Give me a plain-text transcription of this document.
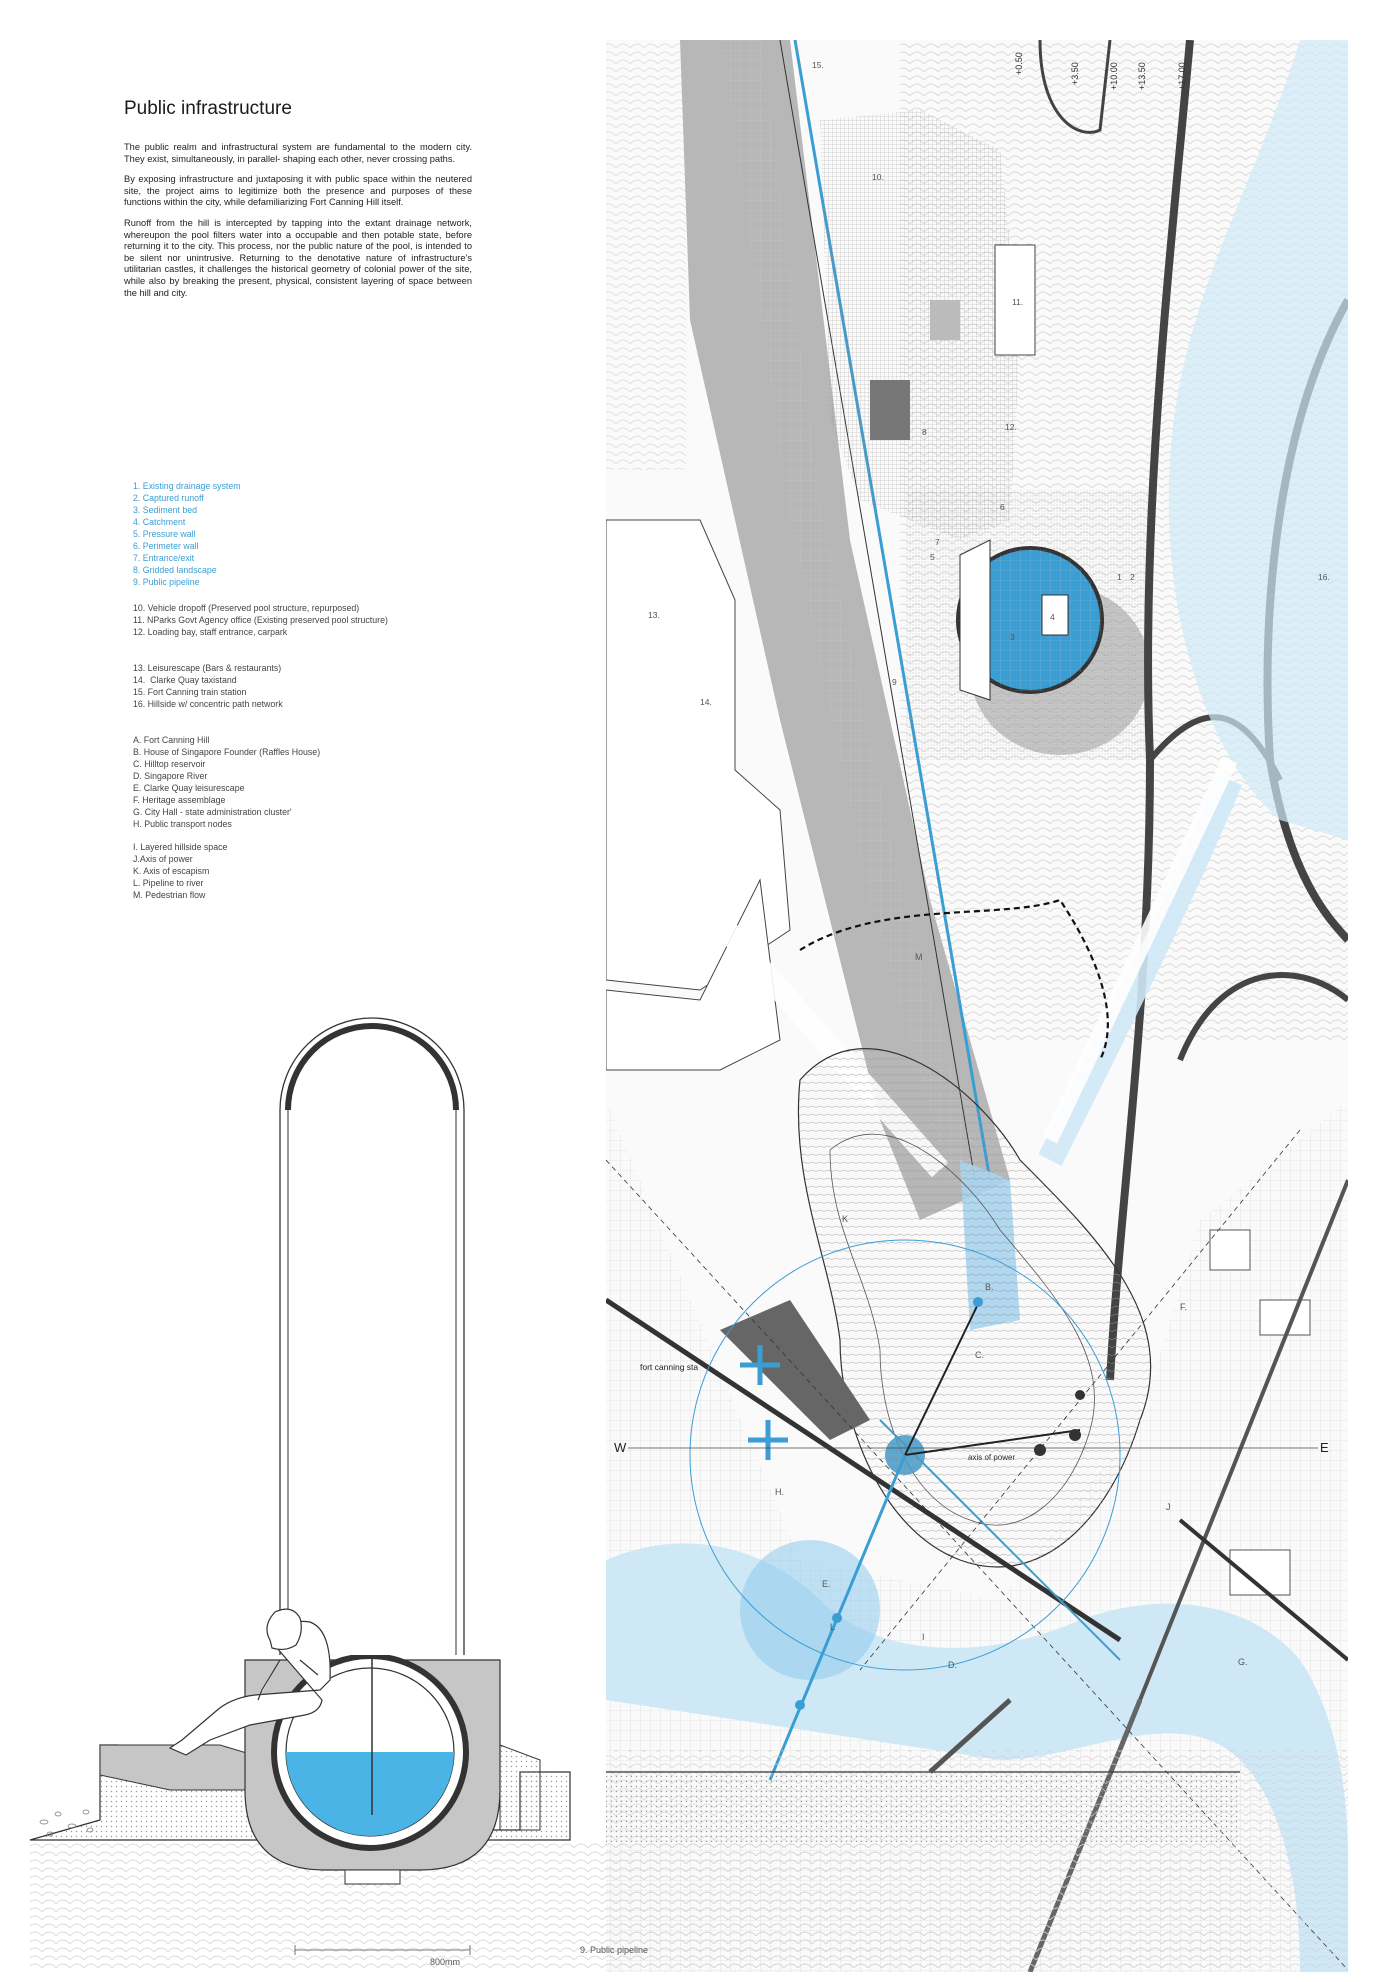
Public infrastructure

The public realm and infrastructural system are fundamental to the modern city. They exist, simultaneously, in parallel- shaping each other, never crossing paths.

By exposing infrastructure and juxtaposing it with public space within the neutered site, the project aims to legitimize both the presence and purposes of these functions within the city, while defamiliarizing Fort Canning Hill itself.

Runoff from the hill is intercepted by tapping into the extant drainage network, whereupon the pool filters water into a occupable and then potable state, before returning it to the city. This process, nor the public nature of the pool, is intended to be silent nor unintrusive. Returning to the denotative nature of infrastructure's utilitarian castles, it challenges the historical geometry of colonial power of the site, while also by breaking the present, physical, consistent layering of space between the hill and city.

1. Existing drainage system
2. Captured runoff
3. Sediment bed
4. Catchment
5. Pressure wall
6. Perimeter wall
7. Entrance/exit
8. Gridded landscape
9. Public pipeline
10. Vehicle dropoff (Preserved pool structure, repurposed)
11. NParks Govt Agency office (Existing preserved pool structure)
12. Loading bay, staff entrance, carpark
13. Leisurescape (Bars & restaurants)
14.  Clarke Quay taxistand
15. Fort Canning train station
16. Hillside w/ concentric path network
A. Fort Canning Hill
B. House of Singapore Founder (Raffles House)
C. Hilltop reservoir
D. Singapore River
E. Clarke Quay leisurescape
F. Heritage assemblage
G. City Hall - state administration cluster'
H. Public transport nodes
I. Layered hillside space
J.Axis of power
K. Axis of escapism
L. Pipeline to river
M. Pedestrian flow
+10.00 +13.50	+17.00
+3.50
+0.50
1 2
3
4
5
6
7
8
9
10.
11.
12.
13.
14.
15.
16.
B.
C.
D.
E.
F.
G.
H.
I
J
K
L
M
W	E
fort canning sta
axis of power
800mm
9. Public pipeline
